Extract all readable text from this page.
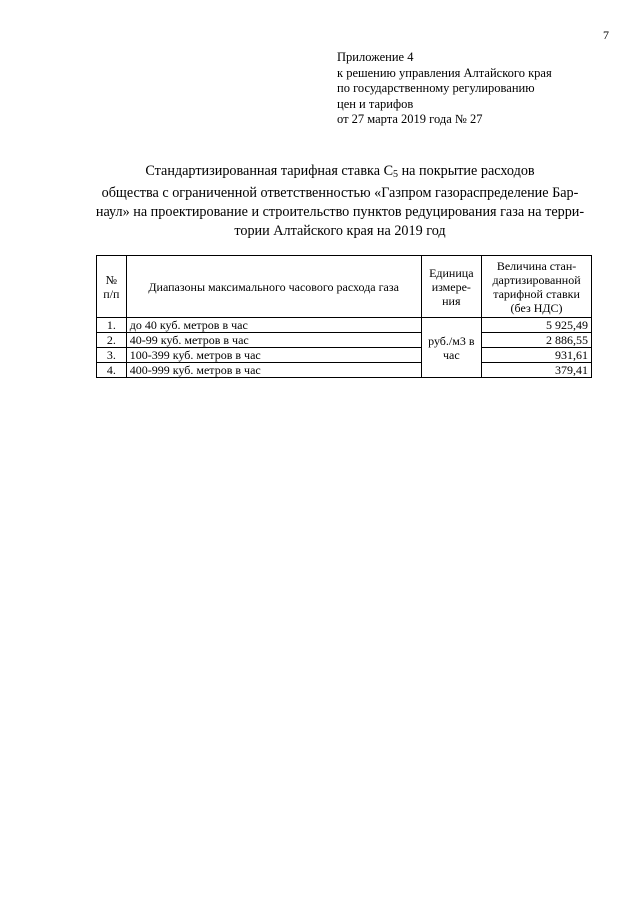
7
Приложение 4
к решению управления Алтайского края
по государственному регулированию
цен и тарифов
от 27 марта 2019 года № 27
Стандартизированная тарифная ставка $С_5$ на покрытие расходов
общества с ограниченной ответственностью «Газпром газораспределение Бар-
наул» на проектирование и строительство пунктов редуцирования газа на терри-
тории Алтайского края на 2019 год
№ п/п	Диапазоны максимального часового расхода газа	Единица измере-ния	Величина стан-дартизированной тарифной ставки (без НДС)
1.	до 40 куб. метров в час	руб./м3 в час	5 925,49
2.	40-99 куб. метров в час		2 886,55
3.	100-399 куб. метров в час		931,61
4.	400-999 куб. метров в час		379,41
